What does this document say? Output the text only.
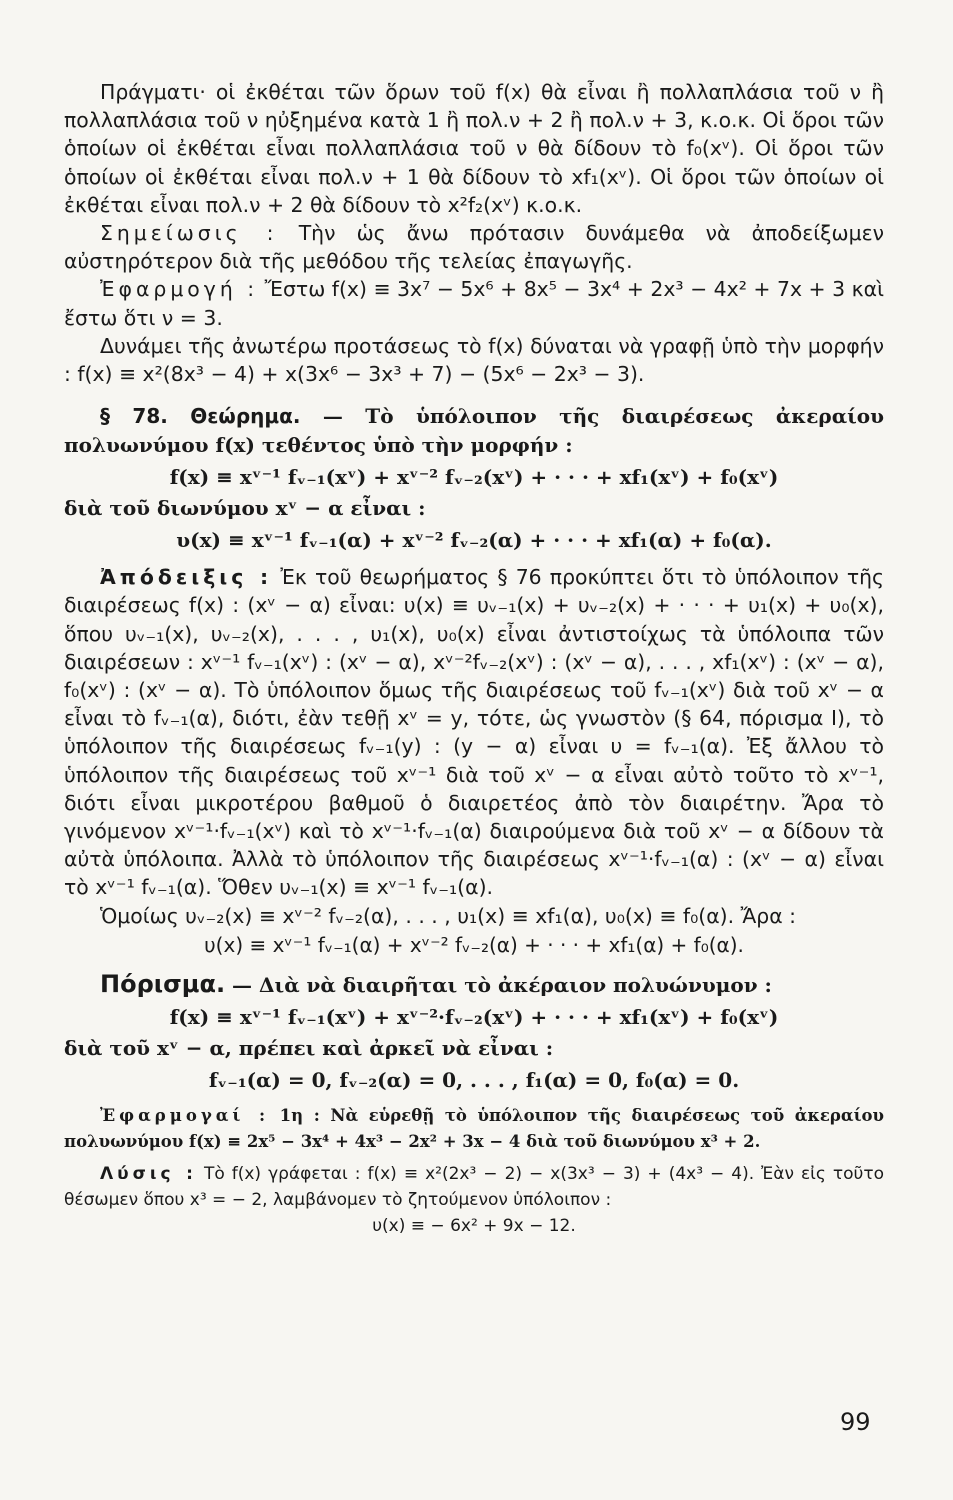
Πράγματι· οἱ ἐκθέται τῶν ὅρων τοῦ f(x) θὰ εἶναι ἢ πολλαπλάσια τοῦ ν ἢ πολλαπλάσια τοῦ ν ηὐξημένα κατὰ 1 ἢ πολ.ν + 2 ἢ πολ.ν + 3, κ.ο.κ. Οἱ ὅροι τῶν ὁποίων οἱ ἐκθέται εἶναι πολλαπλάσια τοῦ ν θὰ δίδουν τὸ f₀(xᵛ). Οἱ ὅροι τῶν ὁποίων οἱ ἐκθέται εἶναι πολ.ν + 1 θὰ δίδουν τὸ xf₁(xᵛ). Οἱ ὅροι τῶν ὁποίων οἱ ἐκθέται εἶναι πολ.ν + 2 θὰ δίδουν τὸ x²f₂(xᵛ) κ.ο.κ.

Σημείωσις : Τὴν ὡς ἄνω πρότασιν δυνάμεθα νὰ ἀποδείξωμεν αὐστηρότερον διὰ τῆς μεθόδου τῆς τελείας ἐπαγωγῆς.

Ἐφαρμογή : Ἔστω f(x) ≡ 3x⁷ − 5x⁶ + 8x⁵ − 3x⁴ + 2x³ − 4x² + 7x + 3 καὶ ἔστω ὅτι ν = 3.

Δυνάμει τῆς ἀνωτέρω προτάσεως τὸ f(x) δύναται νὰ γραφῇ ὑπὸ τὴν μορφήν : f(x) ≡ x²(8x³ − 4) + x(3x⁶ − 3x³ + 7) − (5x⁶ − 2x³ − 3).

§ 78. Θεώρημα. — Τὸ ὑπόλοιπον τῆς διαιρέσεως ἀκεραίου πολυωνύμου f(x) τεθέντος ὑπὸ τὴν μορφήν :

f(x) ≡ xᵛ⁻¹ fᵥ₋₁(xᵛ) + xᵛ⁻² fᵥ₋₂(xᵛ) + · · · + xf₁(xᵛ) + f₀(xᵛ)

διὰ τοῦ διωνύμου xᵛ − α εἶναι :

υ(x) ≡ xᵛ⁻¹ fᵥ₋₁(α) + xᵛ⁻² fᵥ₋₂(α) + · · · + xf₁(α) + f₀(α).

Ἀπόδειξις : Ἐκ τοῦ θεωρήματος § 76 προκύπτει ὅτι τὸ ὑπόλοιπον τῆς διαιρέσεως f(x) : (xᵛ − α) εἶναι: υ(x) ≡ υᵥ₋₁(x) + υᵥ₋₂(x) + · · · + υ₁(x) + υ₀(x), ὅπου υᵥ₋₁(x), υᵥ₋₂(x), . . . , υ₁(x), υ₀(x) εἶναι ἀντιστοίχως τὰ ὑπόλοιπα τῶν διαιρέσεων : xᵛ⁻¹ fᵥ₋₁(xᵛ) : (xᵛ − α), xᵛ⁻²fᵥ₋₂(xᵛ) : (xᵛ − α), . . . , xf₁(xᵛ) : (xᵛ − α), f₀(xᵛ) : (xᵛ − α). Τὸ ὑπόλοιπον ὅμως τῆς διαιρέσεως τοῦ fᵥ₋₁(xᵛ) διὰ τοῦ xᵛ − α εἶναι τὸ fᵥ₋₁(α), διότι, ἐὰν τεθῇ xᵛ = y, τότε, ὡς γνωστὸν (§ 64, πόρισμα I), τὸ ὑπόλοιπον τῆς διαιρέσεως fᵥ₋₁(y) : (y − α) εἶναι υ = fᵥ₋₁(α). Ἐξ ἄλλου τὸ ὑπόλοιπον τῆς διαιρέσεως τοῦ xᵛ⁻¹ διὰ τοῦ xᵛ − α εἶναι αὐτὸ τοῦτο τὸ xᵛ⁻¹, διότι εἶναι μικροτέρου βαθμοῦ ὁ διαιρετέος ἀπὸ τὸν διαιρέτην. Ἄρα τὸ γινόμενον xᵛ⁻¹·fᵥ₋₁(xᵛ) καὶ τὸ xᵛ⁻¹·fᵥ₋₁(α) διαιρούμενα διὰ τοῦ xᵛ − α δίδουν τὰ αὐτὰ ὑπόλοιπα. Ἀλλὰ τὸ ὑπόλοιπον τῆς διαιρέσεως xᵛ⁻¹·fᵥ₋₁(α) : (xᵛ − α) εἶναι τὸ xᵛ⁻¹ fᵥ₋₁(α). Ὅθεν υᵥ₋₁(x) ≡ xᵛ⁻¹ fᵥ₋₁(α).

Ὁμοίως υᵥ₋₂(x) ≡ xᵛ⁻² fᵥ₋₂(α), . . . , υ₁(x) ≡ xf₁(α), υ₀(x) ≡ f₀(α). Ἄρα :

υ(x) ≡ xᵛ⁻¹ fᵥ₋₁(α) + xᵛ⁻² fᵥ₋₂(α) + · · · + xf₁(α) + f₀(α).

Πόρισμα. — Διὰ νὰ διαιρῆται τὸ ἀκέραιον πολυώνυμον :

f(x) ≡ xᵛ⁻¹ fᵥ₋₁(xᵛ) + xᵛ⁻²·fᵥ₋₂(xᵛ) + · · · + xf₁(xᵛ) + f₀(xᵛ)

διὰ τοῦ xᵛ − α, πρέπει καὶ ἀρκεῖ νὰ εἶναι :

fᵥ₋₁(α) = 0, fᵥ₋₂(α) = 0, . . . , f₁(α) = 0, f₀(α) = 0.

Ἐφαρμογαί : 1η : Νὰ εὑρεθῇ τὸ ὑπόλοιπον τῆς διαιρέσεως τοῦ ἀκεραίου πολυωνύμου f(x) ≡ 2x⁵ − 3x⁴ + 4x³ − 2x² + 3x − 4 διὰ τοῦ διωνύμου x³ + 2.

Λύσις : Τὸ f(x) γράφεται : f(x) ≡ x²(2x³ − 2) − x(3x³ − 3) + (4x³ − 4). Ἐὰν εἰς τοῦτο θέσωμεν ὅπου x³ = − 2, λαμβάνομεν τὸ ζητούμενον ὑπόλοιπον :

υ(x) ≡ − 6x² + 9x − 12.

99
